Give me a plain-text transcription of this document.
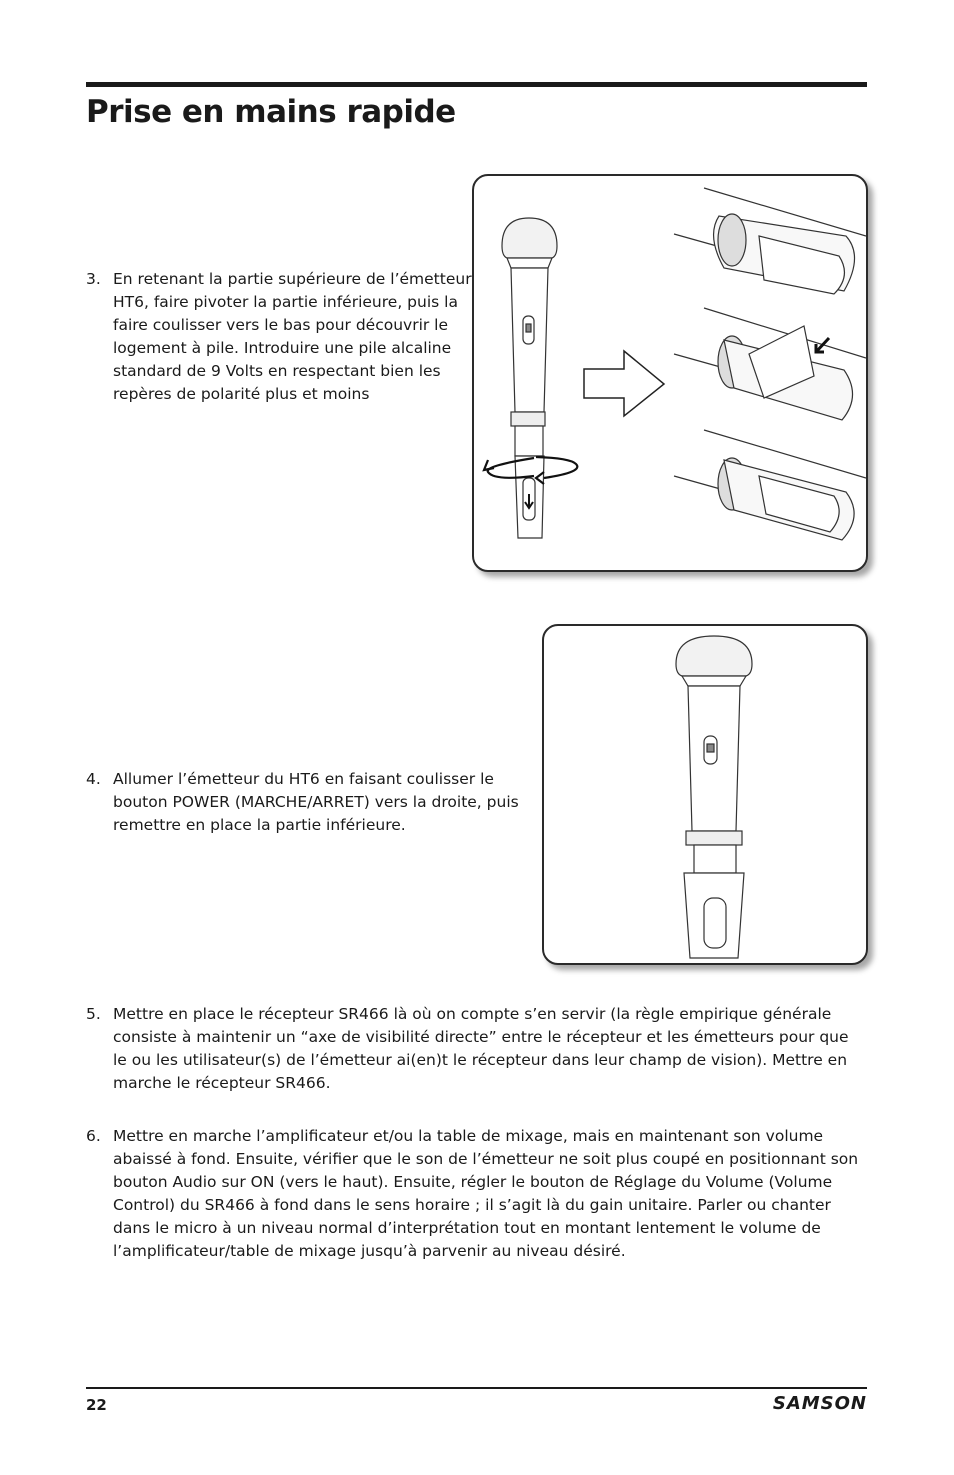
Prise en mains rapide
3. En retenant la partie supérieure de l’émetteur HT6, faire pivoter la partie inférieure, puis la faire coulisser vers le bas pour découvrir le logement à pile. Introduire une pile alcaline standard de 9 Volts en respectant bien les repères de polarité plus et moins
4. Allumer l’émetteur du HT6 en faisant coulisser le bouton POWER (MARCHE/ARRET) vers la droite, puis remettre en place la partie inférieure.
5. Mettre en place le récepteur SR466 là où on compte s’en servir (la règle empirique générale consiste à maintenir un “axe de visibilité directe” entre le récepteur et les émetteurs pour que le ou les utilisateur(s) de l’émetteur ai(en)t le récepteur dans leur champ de vision). Mettre en marche le récepteur SR466.
6. Mettre en marche l’amplificateur et/ou la table de mixage, mais en maintenant son volume abaissé à fond. Ensuite, vérifier que le son de l’émetteur ne soit plus coupé en positionnant son bouton Audio sur ON (vers le haut). Ensuite, régler le bouton de Réglage du Volume (Volume Control) du SR466 à fond dans le sens horaire ; il s’agit là du gain unitaire. Parler ou chanter dans le micro à un niveau normal d’interprétation tout en montant lentement le volume de l’amplificateur/table de mixage jusqu’à parvenir au niveau désiré.
22	SAMSON
